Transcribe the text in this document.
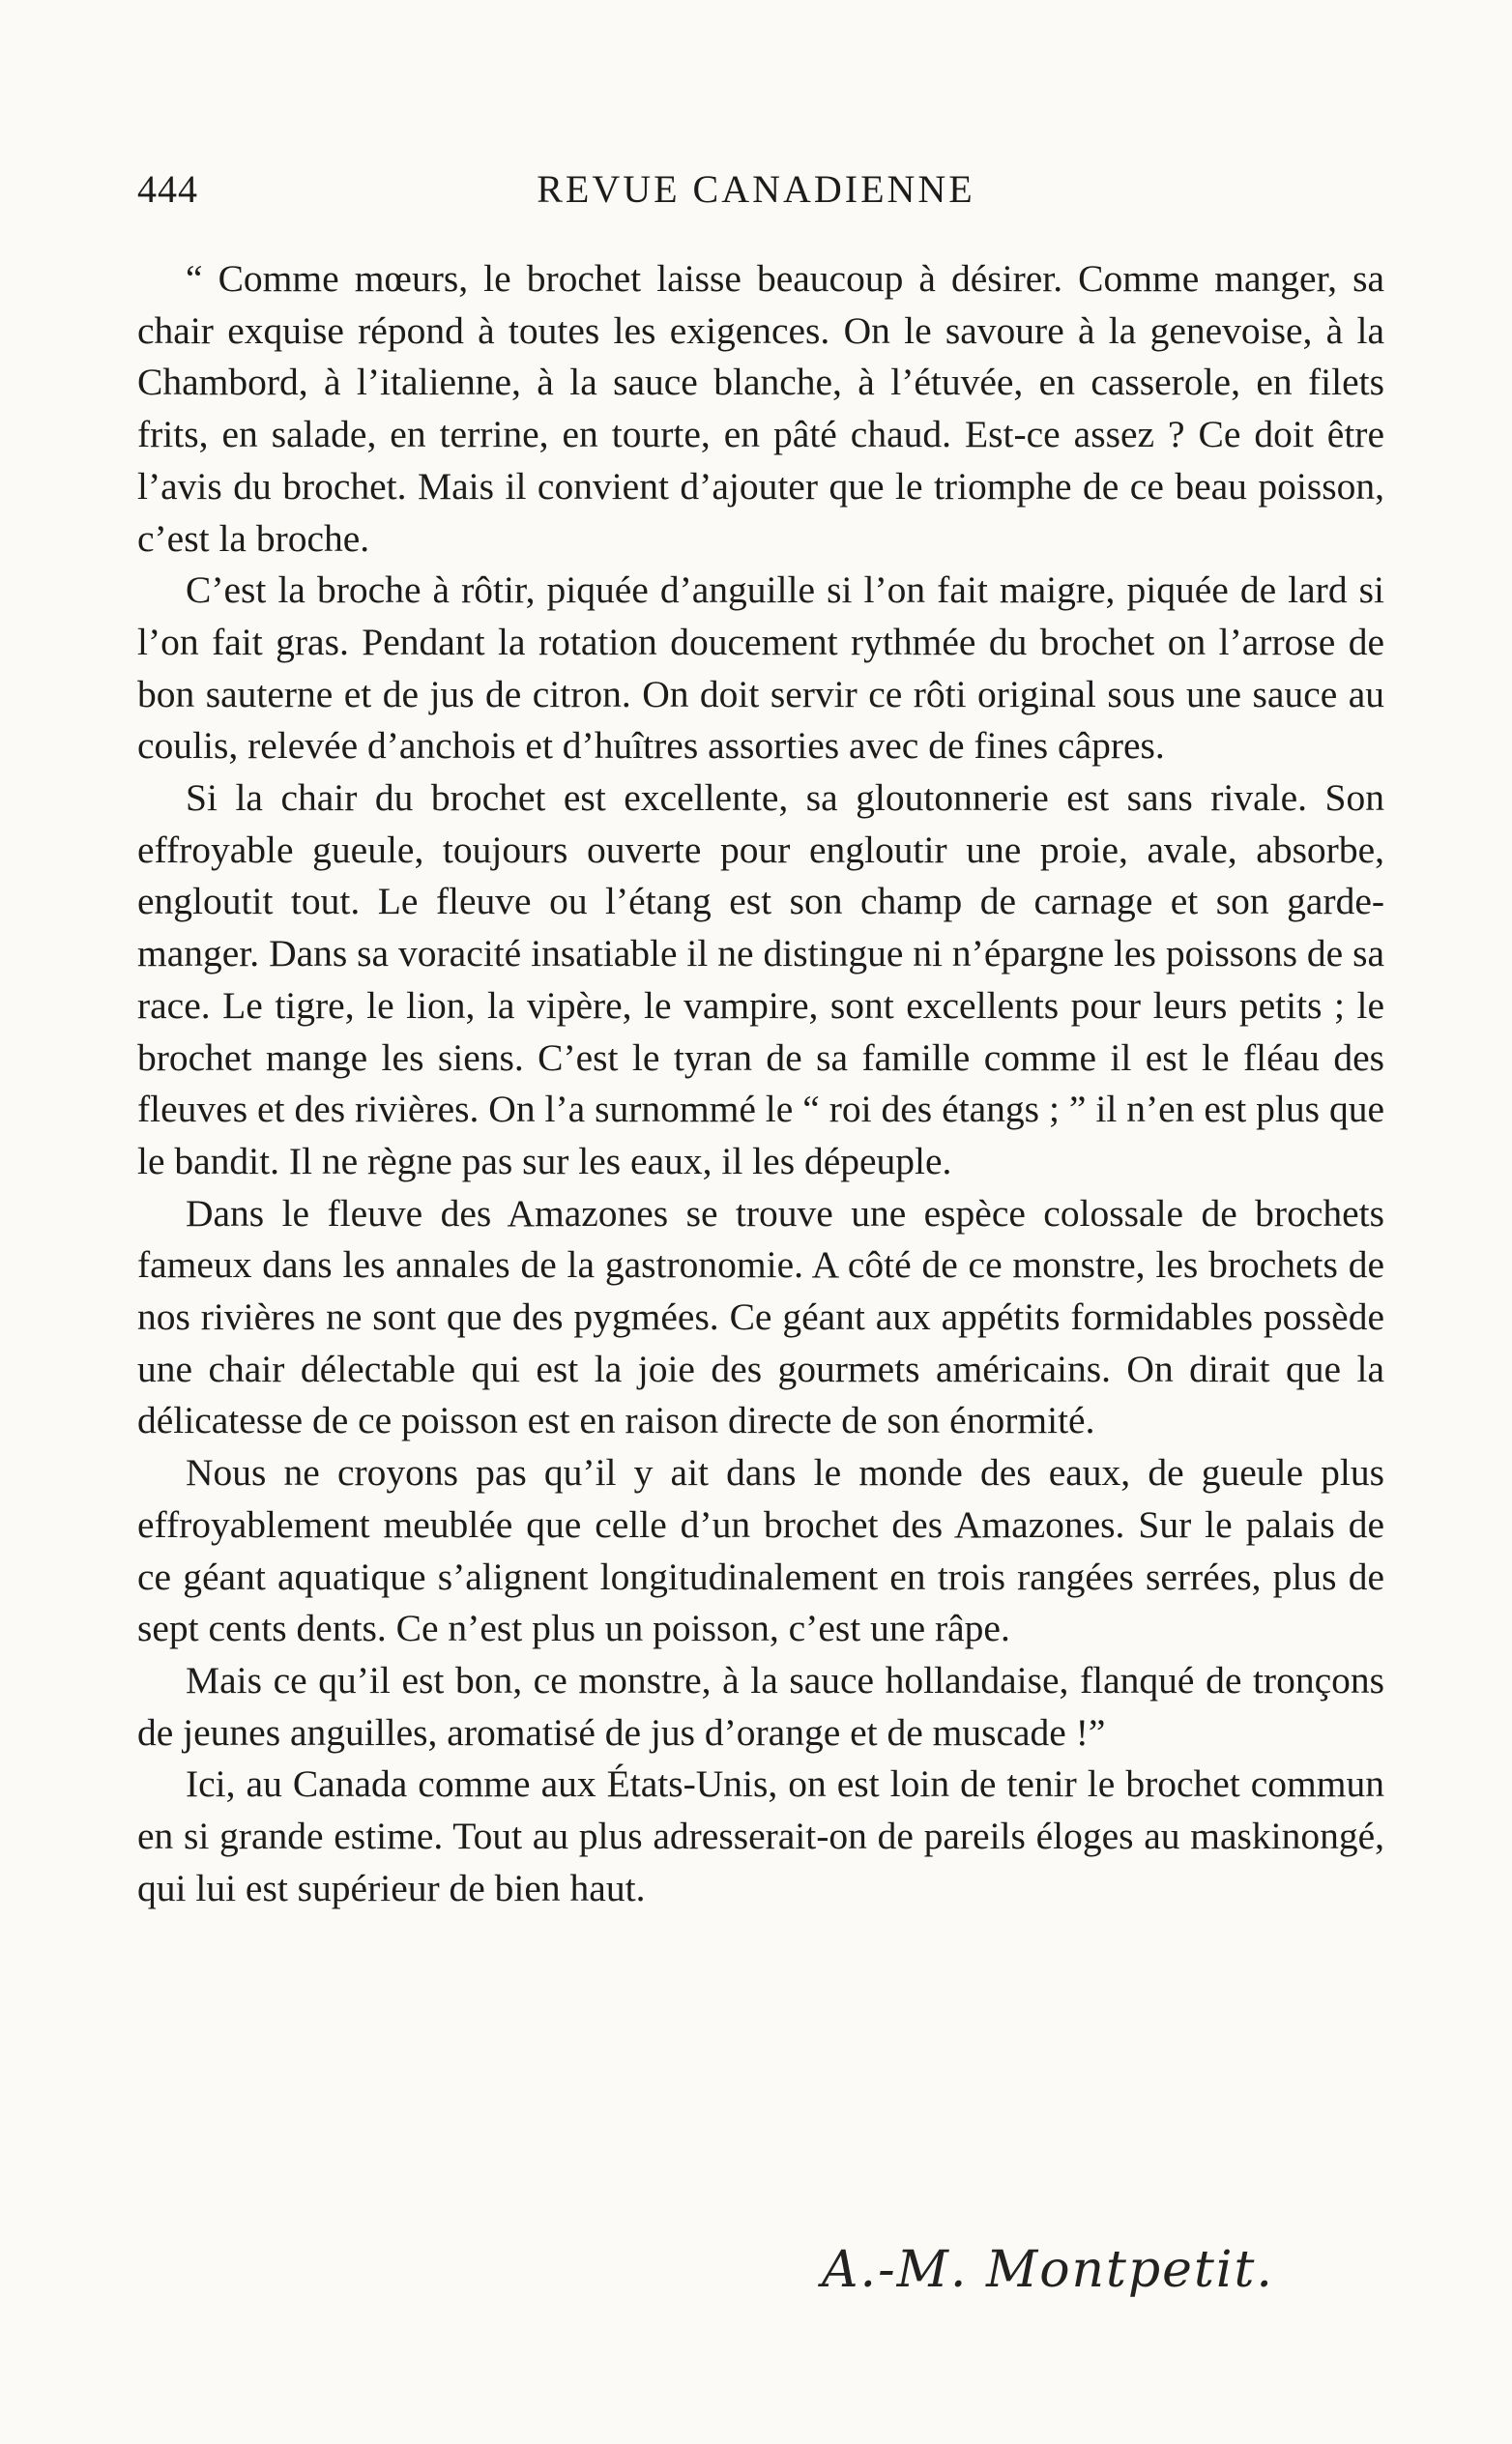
444	REVUE CANADIENNE

“ Comme mœurs, le brochet laisse beaucoup à désirer. Comme manger, sa chair exquise répond à toutes les exigences. On le savoure à la genevoise, à la Chambord, à l’italienne, à la sauce blanche, à l’étuvée, en casserole, en filets frits, en salade, en terrine, en tourte, en pâté chaud. Est-ce assez ? Ce doit être l’avis du brochet. Mais il convient d’ajouter que le triomphe de ce beau poisson, c’est la broche.

C’est la broche à rôtir, piquée d’anguille si l’on fait maigre, piquée de lard si l’on fait gras. Pendant la rotation doucement rythmée du brochet on l’arrose de bon sauterne et de jus de citron. On doit servir ce rôti original sous une sauce au coulis, relevée d’anchois et d’huîtres assorties avec de fines câpres.

Si la chair du brochet est excellente, sa gloutonnerie est sans rivale. Son effroyable gueule, toujours ouverte pour engloutir une proie, avale, absorbe, engloutit tout. Le fleuve ou l’étang est son champ de carnage et son garde-manger. Dans sa voracité insatiable il ne distingue ni n’épargne les poissons de sa race. Le tigre, le lion, la vipère, le vampire, sont excellents pour leurs petits ; le brochet mange les siens. C’est le tyran de sa famille comme il est le fléau des fleuves et des rivières. On l’a surnommé le “ roi des étangs ; ” il n’en est plus que le bandit. Il ne règne pas sur les eaux, il les dépeuple.

Dans le fleuve des Amazones se trouve une espèce colossale de brochets fameux dans les annales de la gastronomie. A côté de ce monstre, les brochets de nos rivières ne sont que des pygmées. Ce géant aux appétits formidables possède une chair délectable qui est la joie des gourmets américains. On dirait que la délicatesse de ce poisson est en raison directe de son énormité.

Nous ne croyons pas qu’il y ait dans le monde des eaux, de gueule plus effroyablement meublée que celle d’un brochet des Amazones. Sur le palais de ce géant aquatique s’alignent longitudinalement en trois rangées serrées, plus de sept cents dents. Ce n’est plus un poisson, c’est une râpe.

Mais ce qu’il est bon, ce monstre, à la sauce hollandaise, flanqué de tronçons de jeunes anguilles, aromatisé de jus d’orange et de muscade !”

Ici, au Canada comme aux États-Unis, on est loin de tenir le brochet commun en si grande estime. Tout au plus adresserait-on de pareils éloges au maskinongé, qui lui est supérieur de bien haut.

A.-M. Montpetit.
